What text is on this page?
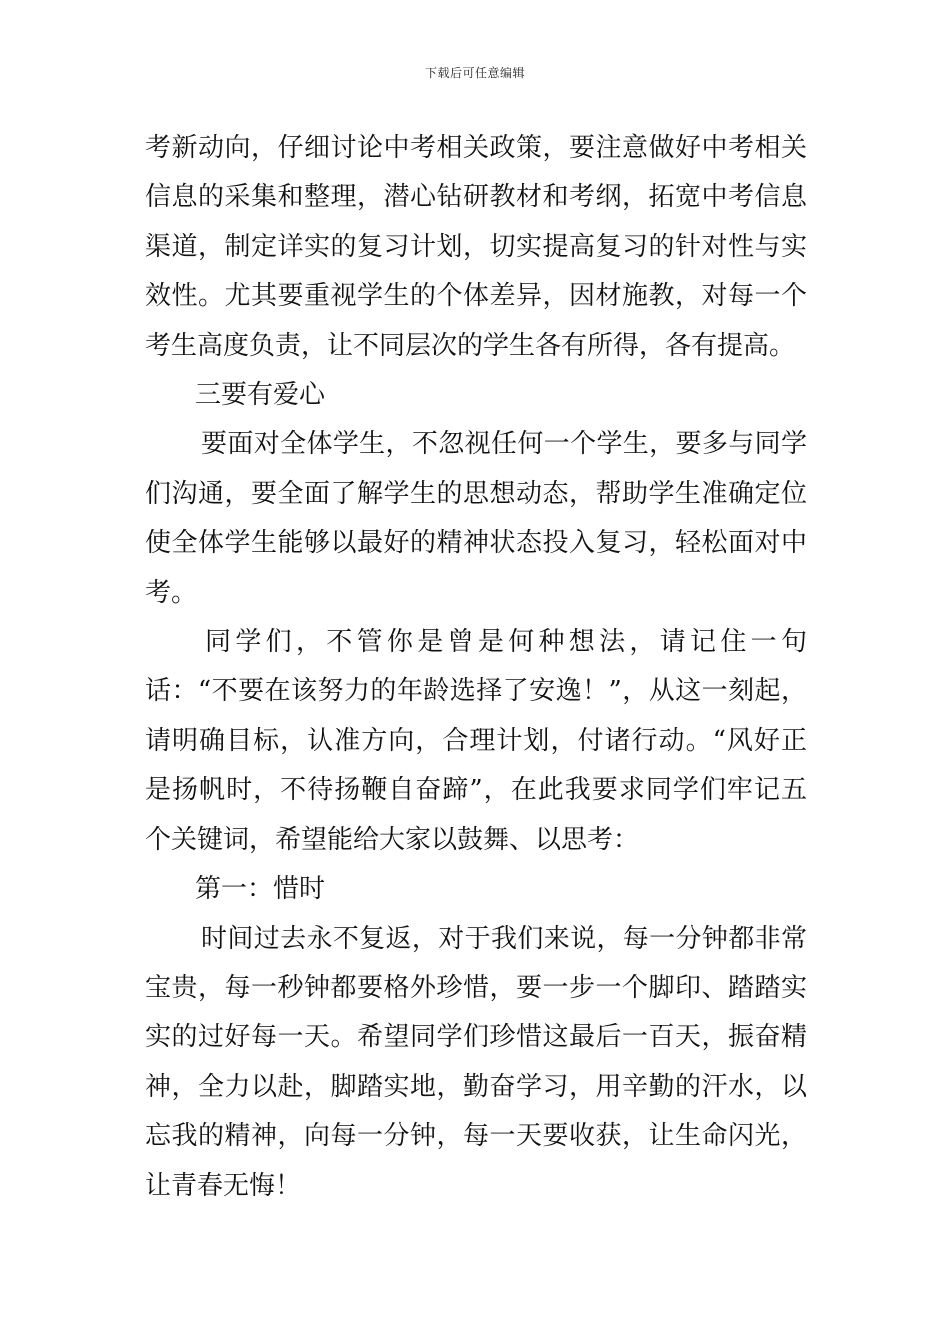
下载后可任意编辑

考新动向，仔细讨论中考相关政策，要注意做好中考相关信息的采集和整理，潜心钻研教材和考纲，拓宽中考信息渠道，制定详实的复习计划，切实提高复习的针对性与实效性。尤其要重视学生的个体差异，因材施教，对每一个考生高度负责，让不同层次的学生各有所得，各有提高。

三要有爱心

要面对全体学生，不忽视任何一个学生，要多与同学们沟通，要全面了解学生的思想动态，帮助学生准确定位使全体学生能够以最好的精神状态投入复习，轻松面对中考。

同学们，不管你是曾是何种想法，请记住一句话：“不要在该努力的年龄选择了安逸！”，从这一刻起，请明确目标，认准方向，合理计划，付诸行动。“风好正是扬帆时，不待扬鞭自奋蹄”，在此我要求同学们牢记五个关键词，希望能给大家以鼓舞、以思考：

第一：惜时

时间过去永不复返，对于我们来说，每一分钟都非常宝贵，每一秒钟都要格外珍惜，要一步一个脚印、踏踏实实的过好每一天。希望同学们珍惜这最后一百天，振奋精神，全力以赴，脚踏实地，勤奋学习，用辛勤的汗水，以忘我的精神，向每一分钟，每一天要收获，让生命闪光，让青春无悔！
